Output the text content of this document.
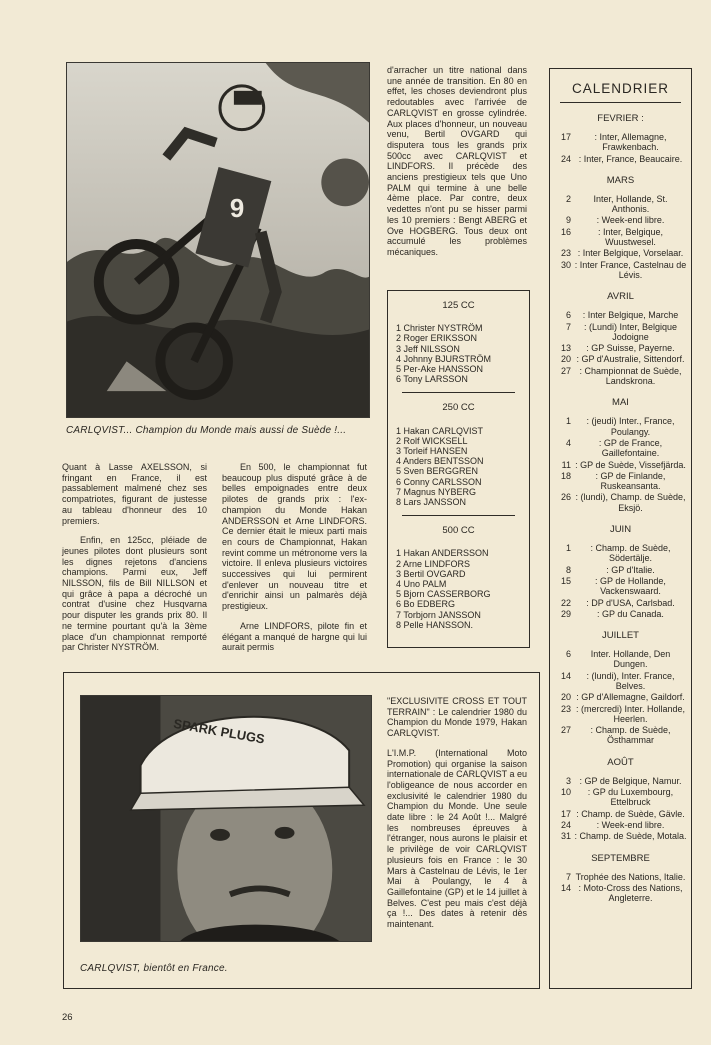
9
CARLQVIST... Champion du Monde mais aussi de Suède !...

d'arracher un titre national dans une année de transition. En 80 en effet, les choses deviendront plus redoutables avec l'arrivée de CARLQVIST en grosse cylindrée. Aux places d'honneur, un nouveau venu, Bertil OVGARD qui disputera tous les grands prix 500cc avec CARLQVIST et LINDFORS. Il précède des anciens prestigieux tels que Uno PALM qui termine à une belle 4ème place. Par contre, deux vedettes n'ont pu se hisser parmi les 10 premiers : Bengt ABERG et Ove HOGBERG. Tous deux ont accumulé les problèmes mécaniques.

Quant à Lasse AXELSSON, si fringant en France, il est passablement malmené chez ses compatriotes, figurant de justesse au tableau d'honneur des 10 premiers.

Enfin, en 125cc, pléiade de jeunes pilotes dont plusieurs sont les dignes rejetons d'anciens champions. Parmi eux, Jeff NILSSON, fils de Bill NILLSON et qui grâce à papa a décroché un contrat d'usine chez Husqvarna pour disputer les grands prix 80. Il ne termine pourtant qu'à la 3ème place d'un championnat remporté par Christer NYSTRÖM.

En 500, le championnat fut beaucoup plus disputé grâce à de belles empoignades entre deux pilotes de grands prix : l'ex-champion du Monde Hakan ANDERSSON et Arne LINDFORS. Ce dernier était le mieux parti mais en cours de Championnat, Hakan revint comme un métronome vers la victoire. Il enleva plusieurs victoires successives qui lui permirent d'enlever un nouveau titre et d'enrichir ainsi un palmarès déjà prestigieux.

Arne LINDFORS, pilote fin et élégant a manqué de hargne qui lui aurait permis

125 CC
1 Christer NYSTRÖM
2 Roger ERIKSSON
3 Jeff NILSSON
4 Johnny BJURSTRÖM
5 Per-Ake HANSSON
6 Tony LARSSON
250 CC
1 Hakan CARLQVIST
2 Rolf WICKSELL
3 Torleif HANSEN
4 Anders BENTSSON
5 Sven BERGGREN
6 Conny CARLSSON
7 Magnus NYBERG
8 Lars JANSSON
500 CC
1 Hakan ANDERSSON
2 Arne LINDFORS
3 Bertil OVGARD
4 Uno PALM
5 Bjorn CASSERBORG
6 Bo EDBERG
7 Torbjorn JANSSON
8 Pelle HANSSON.
CALENDRIER
FEVRIER :
17	: Inter, Allemagne, Frawkenbach.
24 : Inter, France, Beaucaire.
MARS
2	Inter, Hollande, St. Anthonis.
9	: Week-end libre.
16	: Inter, Belgique, Wuustwesel.
23 : Inter Belgique, Vorselaar.
30 : Inter France, Castelnau de Lévis.
AVRIL
6	: Inter Belgique, Marche
7	: (Lundi) Inter, Belgique Jodoigne
13	: GP Suisse, Payerne.
20 : GP d'Australie, Sittendorf.
27 : Championnat de Suède, Landskrona.
MAI
1	: (jeudi) Inter., France, Poulangy.
4	: GP de France, Gaillefontaine.
11 : GP de Suède, Vissefjärda.
18	: GP de Finlande, Ruskeansanta.
26 : (lundi), Champ. de Suède, Eksjö.
JUIN
1	: Champ. de Suède, Södertälje.
8	: GP d'Italie.
15	: GP de Hollande, Vackenswaard.
22	: DP d'USA, Carlsbad.
29	: GP du Canada.
JUILLET
6	Inter. Hollande, Den Dungen.
14	: (lundi), Inter. France, Belves.
20 : GP d'Allemagne, Gaildorf.
23 : (mercredi) Inter. Hollande, Heerlen.
27	: Champ. de Suède, Östhammar
AOÛT
3 : GP de Belgique, Namur.
10	: GP du Luxembourg, Ettelbruck
17 : Champ. de Suède, Gävle.
24	: Week-end libre.
31 : Champ. de Suède, Motala.
SEPTEMBRE
7 Trophée des Nations, Italie.
14 : Moto-Cross des Nations, Angleterre.
SPARK PLUGS
CARLQVIST, bientôt en France.

"EXCLUSIVITE CROSS ET TOUT TERRAIN" : Le calendrier 1980 du Champion du Monde 1979, Hakan CARLQVIST.

L'I.M.P. (International Moto Promotion) qui organise la saison internationale de CARLQVIST a eu l'obligeance de nous accorder en exclusivité le calendrier 1980 du Champion du Monde. Une seule date libre : le 24 Août !... Malgré les nombreuses épreuves à l'étranger, nous aurons le plaisir et le privilège de voir CARLQVIST plusieurs fois en France : le 30 Mars à Castelnau de Lévis, le 1er Mai à Poulangy, le 4 à Gaillefontaine (GP) et le 14 juillet à Belves. C'est peu mais c'est déjà ça !... Des dates à retenir dès maintenant.

26
